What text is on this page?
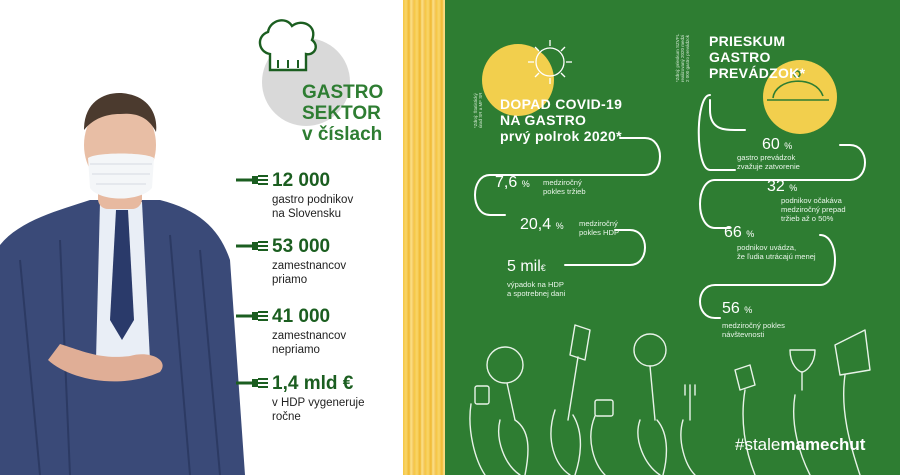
GASTRO
SEKTOR
v číslach
12 000
gastro podnikov
na Slovensku
53 000
zamestnancov
priamo
41 000
zamestnancov
nepriamo
1,4 mld €
v HDP vygeneruje
ročne
*Zdroj: Štatistický úrad SR a MF SR
*Zdroj: prieskum SZVPL realizovaný 2020 medzi 2 000 gastro prevádzok
DOPAD COVID-19
NA GASTRO
prvý polrok 2020*
PRIESKUM
GASTRO
PREVÁDZOK*
7,6 % medziročný
pokles tržieb
20,4 % medziročný
pokles HDP
5 mil€
výpadok na HDP
a spotrebnej dani
60 %
gastro prevádzok
zvažuje zatvorenie
32 %
podnikov očakáva
medziročný prepad
tržieb až o 50%
66 %
podnikov uvádza,
že ľudia utrácajú menej
56 %
medziročný pokles
návštevnosti
#stalemamechut
